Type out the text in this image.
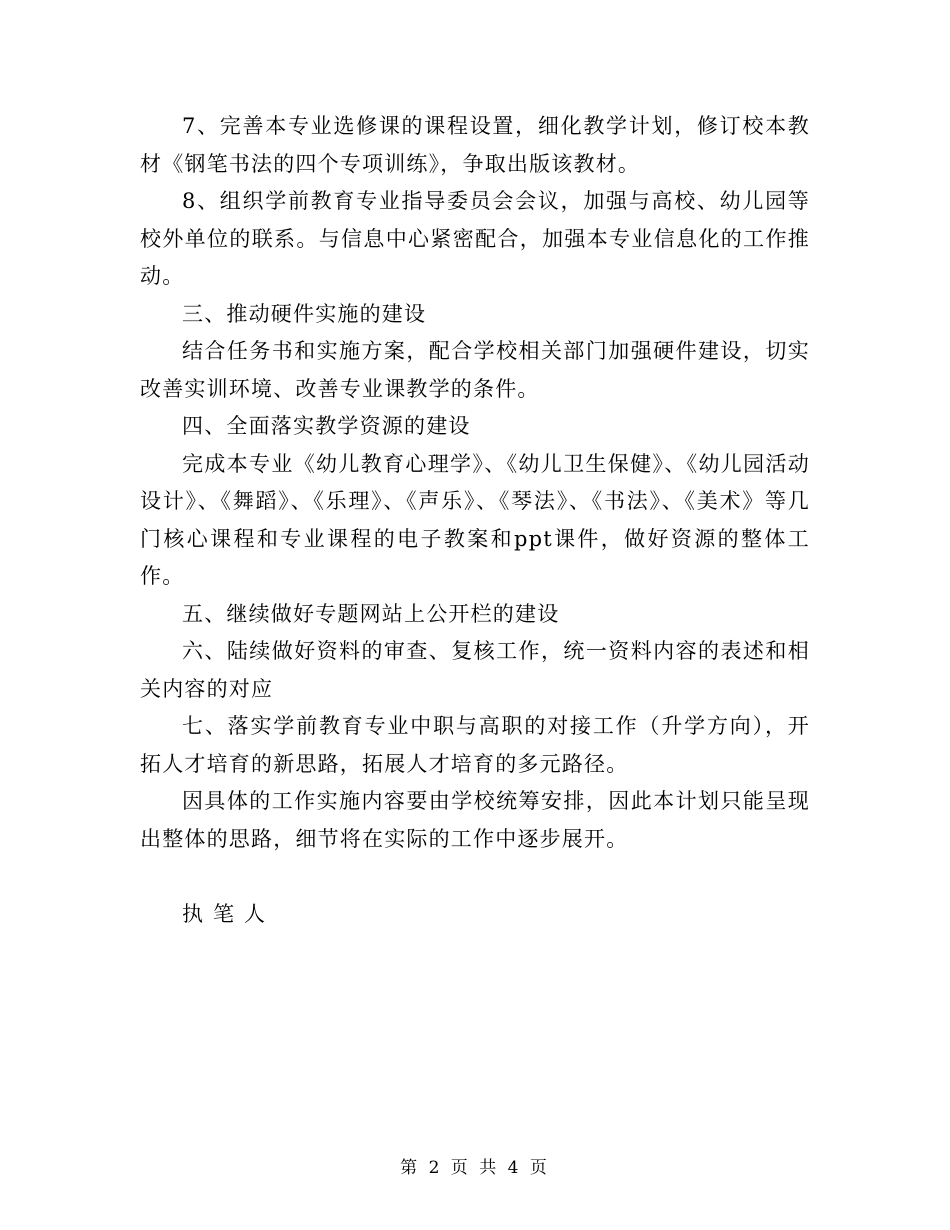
7、完善本专业选修课的课程设置，细化教学计划，修订校本教材《钢笔书法的四个专项训练》，争取出版该教材。

8、组织学前教育专业指导委员会会议，加强与高校、幼儿园等校外单位的联系。与信息中心紧密配合，加强本专业信息化的工作推动。

三、推动硬件实施的建设

结合任务书和实施方案，配合学校相关部门加强硬件建设，切实改善实训环境、改善专业课教学的条件。

四、全面落实教学资源的建设

完成本专业《幼儿教育心理学》、《幼儿卫生保健》、《幼儿园活动设计》、《舞蹈》、《乐理》、《声乐》、《琴法》、《书法》、《美术》等几门核心课程和专业课程的电子教案和ppt课件，做好资源的整体工作。

五、继续做好专题网站上公开栏的建设

六、陆续做好资料的审查、复核工作，统一资料内容的表述和相关内容的对应

七、落实学前教育专业中职与高职的对接工作（升学方向），开拓人才培育的新思路，拓展人才培育的多元路径。

因具体的工作实施内容要由学校统筹安排，因此本计划只能呈现出整体的思路，细节将在实际的工作中逐步展开。

执笔人
第 2 页 共 4 页
